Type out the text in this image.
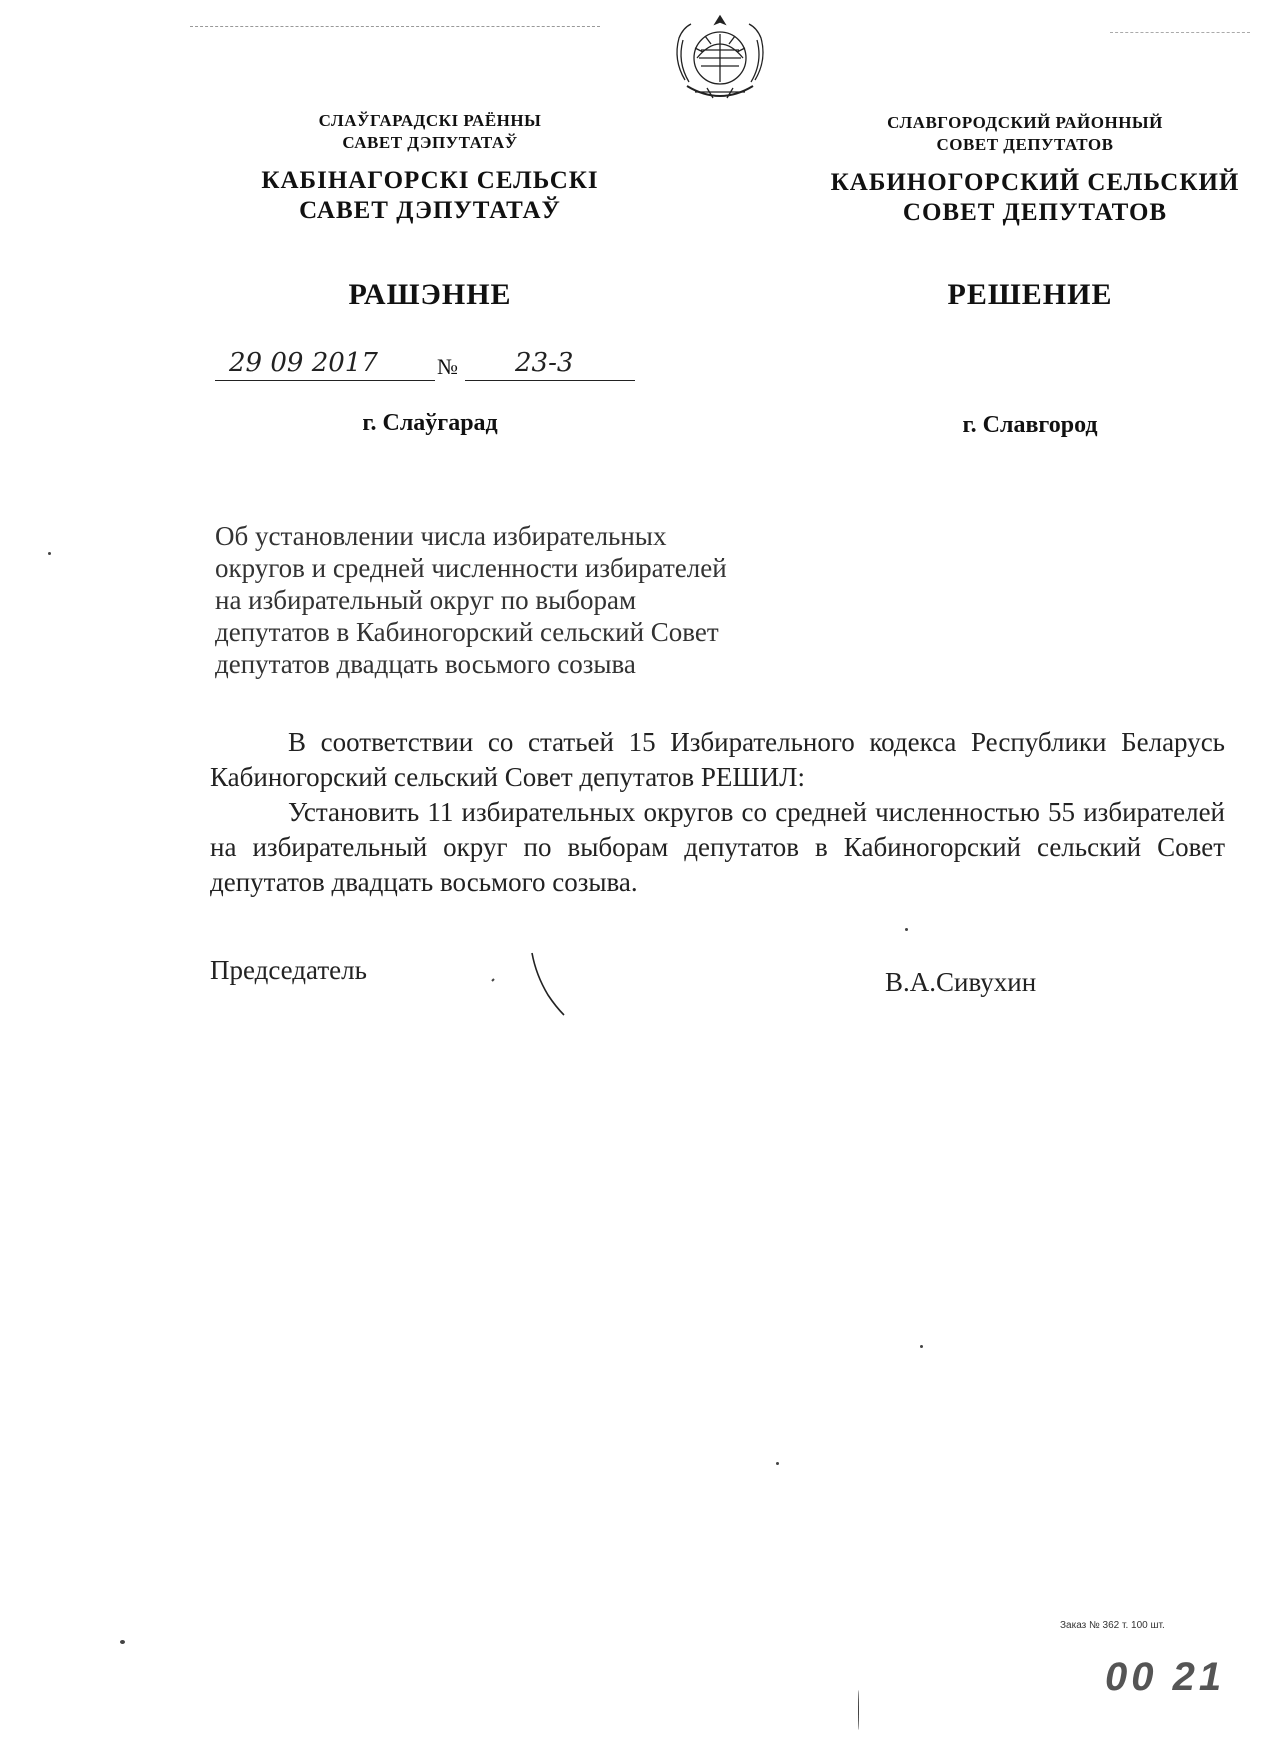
СЛАЎГАРАДСКІ РАЁННЫ
САВЕТ ДЭПУТАТАЎ
КАБІНАГОРСКІ СЕЛЬСКІ
САВЕТ ДЭПУТАТАЎ
РАШЭННЕ
СЛАВГОРОДСКИЙ РАЙОННЫЙ
СОВЕТ ДЕПУТАТОВ
КАБИНОГОРСКИЙ СЕЛЬСКИЙ
СОВЕТ ДЕПУТАТОВ
РЕШЕНИЕ
29 09 2017	№ 23-3
г. Слаўгарад	г. Славгород
Об установлении числа избирательных
округов и средней численности избирателей
на избирательный округ по выборам
депутатов в Кабиногорский сельский Совет
депутатов двадцать восьмого созыва

В соответствии со статьей 15 Избирательного кодекса Республики Беларусь Кабиногорский сельский Совет депутатов РЕШИЛ:

Установить 11 избирательных округов со средней численностью 55 избирателей на избирательный округ по выборам депутатов в Кабиногорский сельский Совет депутатов двадцать восьмого созыва.

Председатель	В.А.Сивухин
Заказ № 362 т. 100 шт.
00 21
